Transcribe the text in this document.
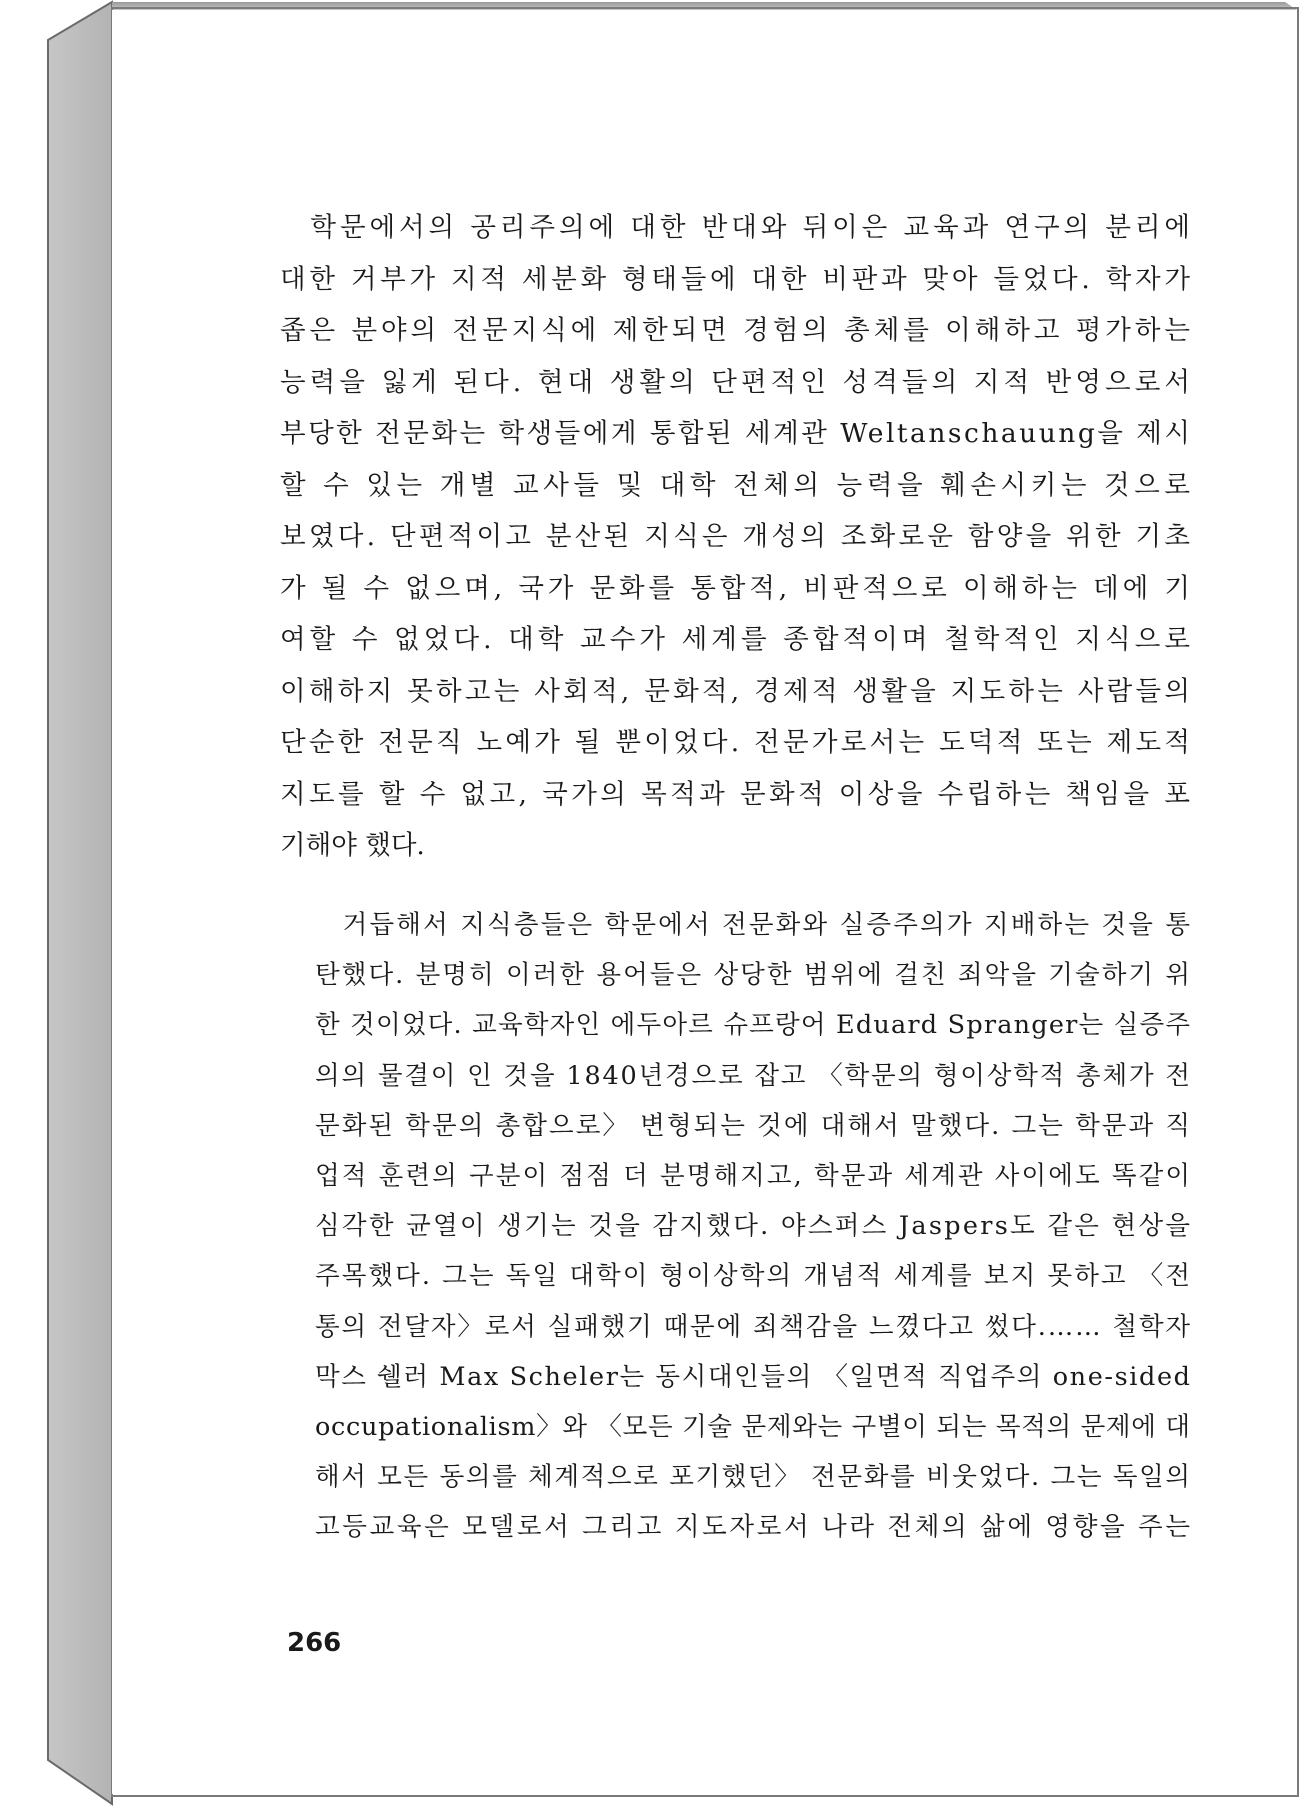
　학문에서의 공리주의에 대한 반대와 뒤이은 교육과 연구의 분리에
대한 거부가 지적 세분화 형태들에 대한 비판과 맞아 들었다. 학자가
좁은 분야의 전문지식에 제한되면 경험의 총체를 이해하고 평가하는
능력을 잃게 된다. 현대 생활의 단편적인 성격들의 지적 반영으로서
부당한 전문화는 학생들에게 통합된 세계관 Weltanschauung을 제시
할 수 있는 개별 교사들 및 대학 전체의 능력을 훼손시키는 것으로
보였다. 단편적이고 분산된 지식은 개성의 조화로운 함양을 위한 기초
가 될 수 없으며, 국가 문화를 통합적, 비판적으로 이해하는 데에 기
여할 수 없었다. 대학 교수가 세계를 종합적이며 철학적인 지식으로
이해하지 못하고는 사회적, 문화적, 경제적 생활을 지도하는 사람들의
단순한 전문직 노예가 될 뿐이었다. 전문가로서는 도덕적 또는 제도적
지도를 할 수 없고, 국가의 목적과 문화적 이상을 수립하는 책임을 포
기해야 했다.

　거듭해서 지식층들은 학문에서 전문화와 실증주의가 지배하는 것을 통
탄했다. 분명히 이러한 용어들은 상당한 범위에 걸친 죄악을 기술하기 위
한 것이었다. 교육학자인 에두아르 슈프랑어 Eduard Spranger는 실증주
의의 물결이 인 것을 1840년경으로 잡고 〈학문의 형이상학적 총체가 전
문화된 학문의 총합으로〉 변형되는 것에 대해서 말했다. 그는 학문과 직
업적 훈련의 구분이 점점 더 분명해지고, 학문과 세계관 사이에도 똑같이
심각한 균열이 생기는 것을 감지했다. 야스퍼스 Jaspers도 같은 현상을
주목했다. 그는 독일 대학이 형이상학의 개념적 세계를 보지 못하고 〈전
통의 전달자〉로서 실패했기 때문에 죄책감을 느꼈다고 썼다.…… 철학자
막스 쉘러 Max Scheler는 동시대인들의 〈일면적 직업주의 one-sided
occupationalism〉와 〈모든 기술 문제와는 구별이 되는 목적의 문제에 대
해서 모든 동의를 체계적으로 포기했던〉 전문화를 비웃었다. 그는 독일의
고등교육은 모델로서 그리고 지도자로서 나라 전체의 삶에 영향을 주는

266
